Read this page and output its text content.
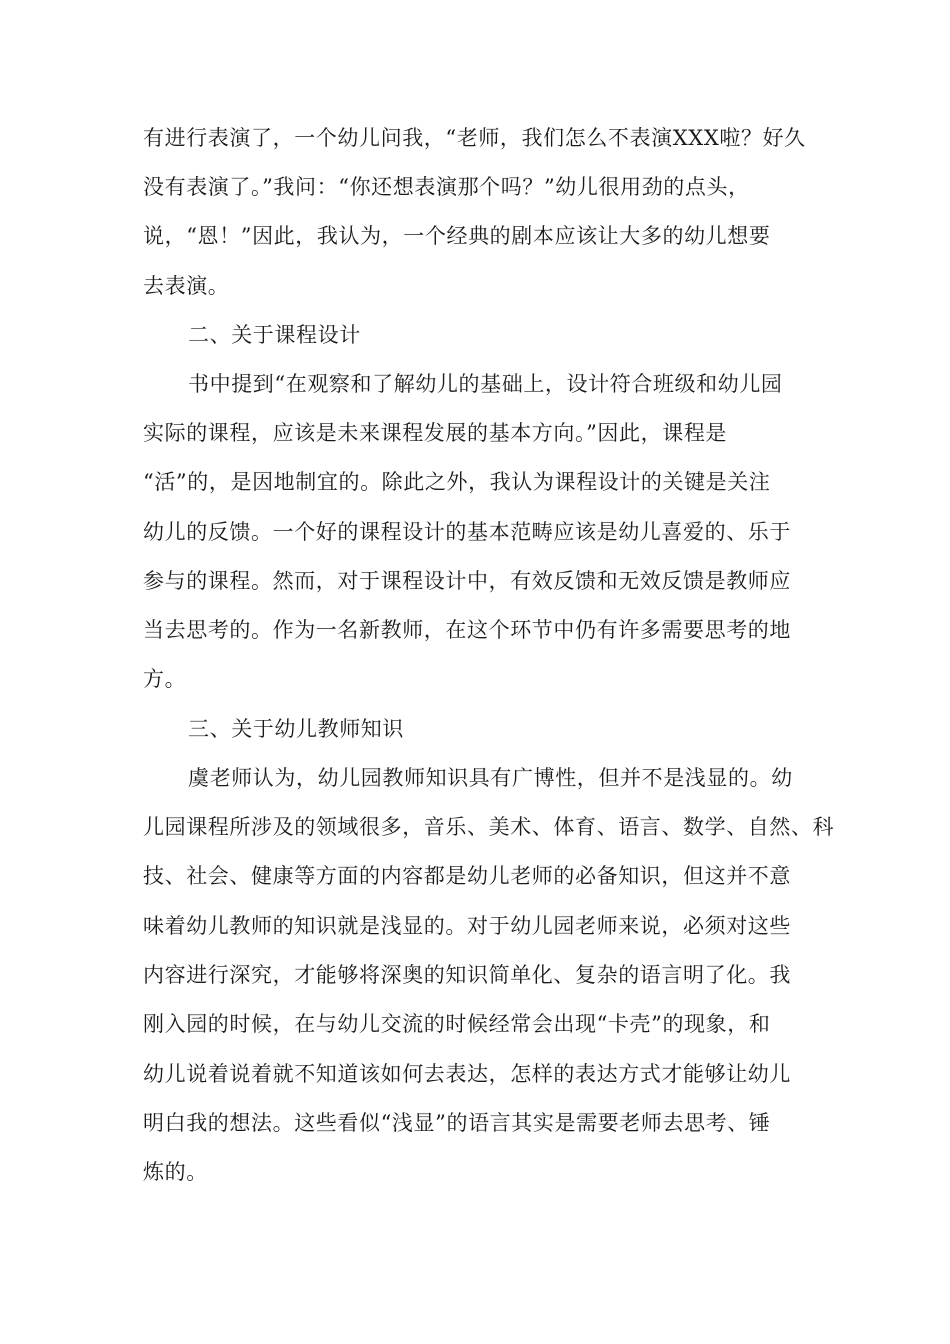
有进行表演了，一个幼儿问我，“老师，我们怎么不表演XXX啦？好久
没有表演了。”我问：“你还想表演那个吗？”幼儿很用劲的点头，
说，“恩！”因此，我认为，一个经典的剧本应该让大多的幼儿想要
去表演。
二、关于课程设计
书中提到“在观察和了解幼儿的基础上，设计符合班级和幼儿园
实际的课程，应该是未来课程发展的基本方向。”因此，课程是
“活”的，是因地制宜的。除此之外，我认为课程设计的关键是关注
幼儿的反馈。一个好的课程设计的基本范畴应该是幼儿喜爱的、乐于
参与的课程。然而，对于课程设计中，有效反馈和无效反馈是教师应
当去思考的。作为一名新教师，在这个环节中仍有许多需要思考的地
方。
三、关于幼儿教师知识
虞老师认为，幼儿园教师知识具有广博性，但并不是浅显的。幼
儿园课程所涉及的领域很多，音乐、美术、体育、语言、数学、自然、科
技、社会、健康等方面的内容都是幼儿老师的必备知识，但这并不意
味着幼儿教师的知识就是浅显的。对于幼儿园老师来说，必须对这些
内容进行深究，才能够将深奥的知识简单化、复杂的语言明了化。我
刚入园的时候，在与幼儿交流的时候经常会出现“卡壳”的现象，和
幼儿说着说着就不知道该如何去表达，怎样的表达方式才能够让幼儿
明白我的想法。这些看似“浅显”的语言其实是需要老师去思考、锤
炼的。
